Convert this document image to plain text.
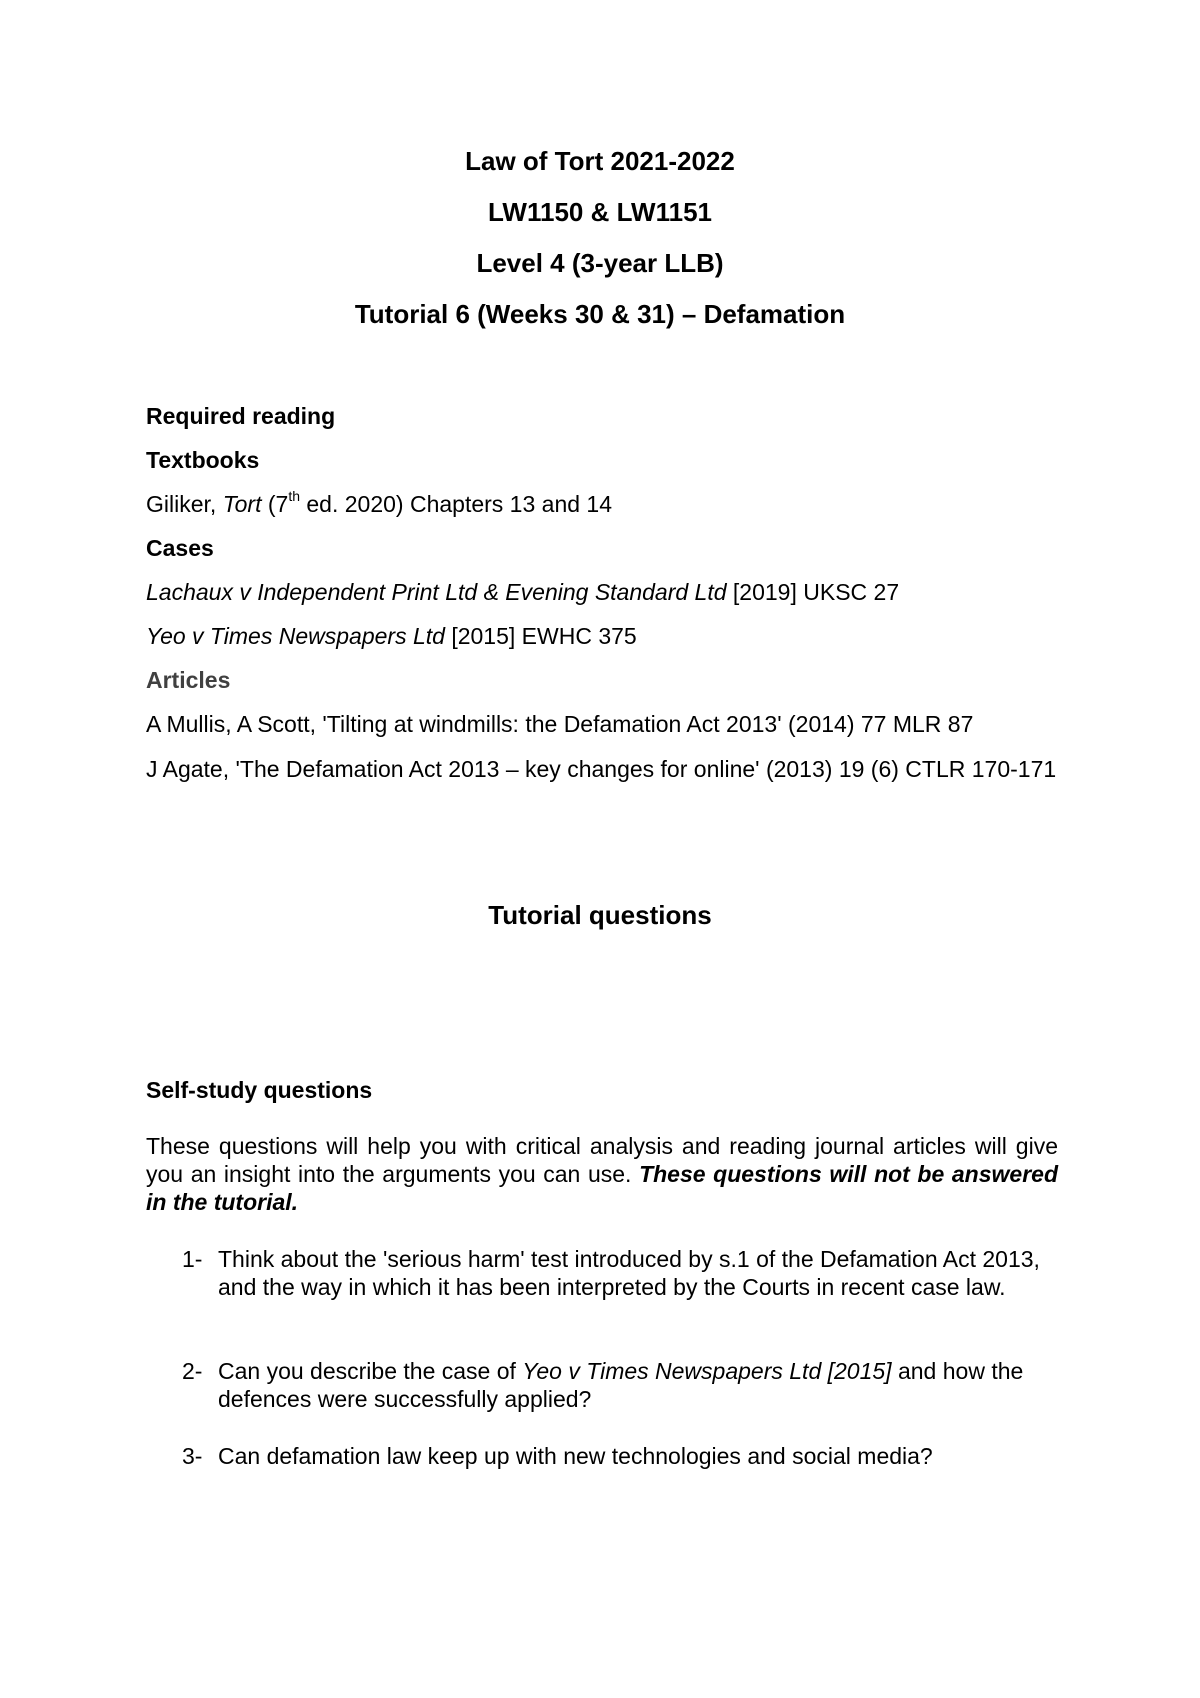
Law of Tort 2021-2022
LW1150 & LW1151
Level 4 (3-year LLB)
Tutorial 6 (Weeks 30 & 31) – Defamation
Required reading
Textbooks
Giliker, Tort (7th ed. 2020) Chapters 13 and 14
Cases
Lachaux v Independent Print Ltd & Evening Standard Ltd [2019] UKSC 27
Yeo v Times Newspapers Ltd [2015] EWHC 375
Articles
A Mullis, A Scott, 'Tilting at windmills: the Defamation Act 2013' (2014) 77 MLR 87
J Agate, 'The Defamation Act 2013 – key changes for online' (2013) 19 (6) CTLR 170-171
Tutorial questions
Self-study questions
These questions will help you with critical analysis and reading journal articles will give you an insight into the arguments you can use. These questions will not be answered in the tutorial.
1- Think about the 'serious harm' test introduced by s.1 of the Defamation Act 2013, and the way in which it has been interpreted by the Courts in recent case law.
2- Can you describe the case of Yeo v Times Newspapers Ltd [2015] and how the defences were successfully applied?
3- Can defamation law keep up with new technologies and social media?
